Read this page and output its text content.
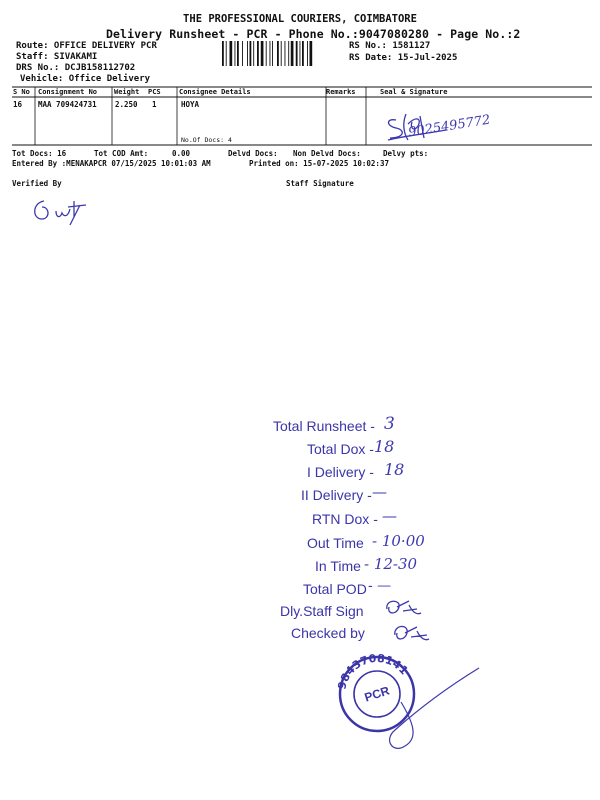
THE PROFESSIONAL COURIERS, COIMBATORE
Delivery Runsheet - PCR - Phone No.:9047080280 - Page No.:2
Route: OFFICE DELIVERY PCR
Staff: SIVAKAMI
DRS No.: DCJB158112702
Vehicle: Office Delivery
RS No.: 1581127
RS Date: 15-Jul-2025
S No Consignment No Weight PCS	Consignee Details	Remarks	Seal & Signature
16 MAA 709424731 2.250 1	HOYA
No.Of Docs: 4	9025495772
Tot Docs: 16	Tot COD Amt:	0.00	Delvd Docs: Non Delvd Docs:	Delvy pts:
Entered By :MENAKAPCR 07/15/2025 10:01:03 AM	Printed on: 15-07-2025 10:02:37
Verified By	Staff Signature
Total Runsheet - 3
Total Dox - 18
I Delivery - 18
II Delivery - —
RTN Dox - —
Out Time - 10·00
In Time - 12-30
Total POD - —
Dly.Staff Sign
Checked by
9843708141
PCR
